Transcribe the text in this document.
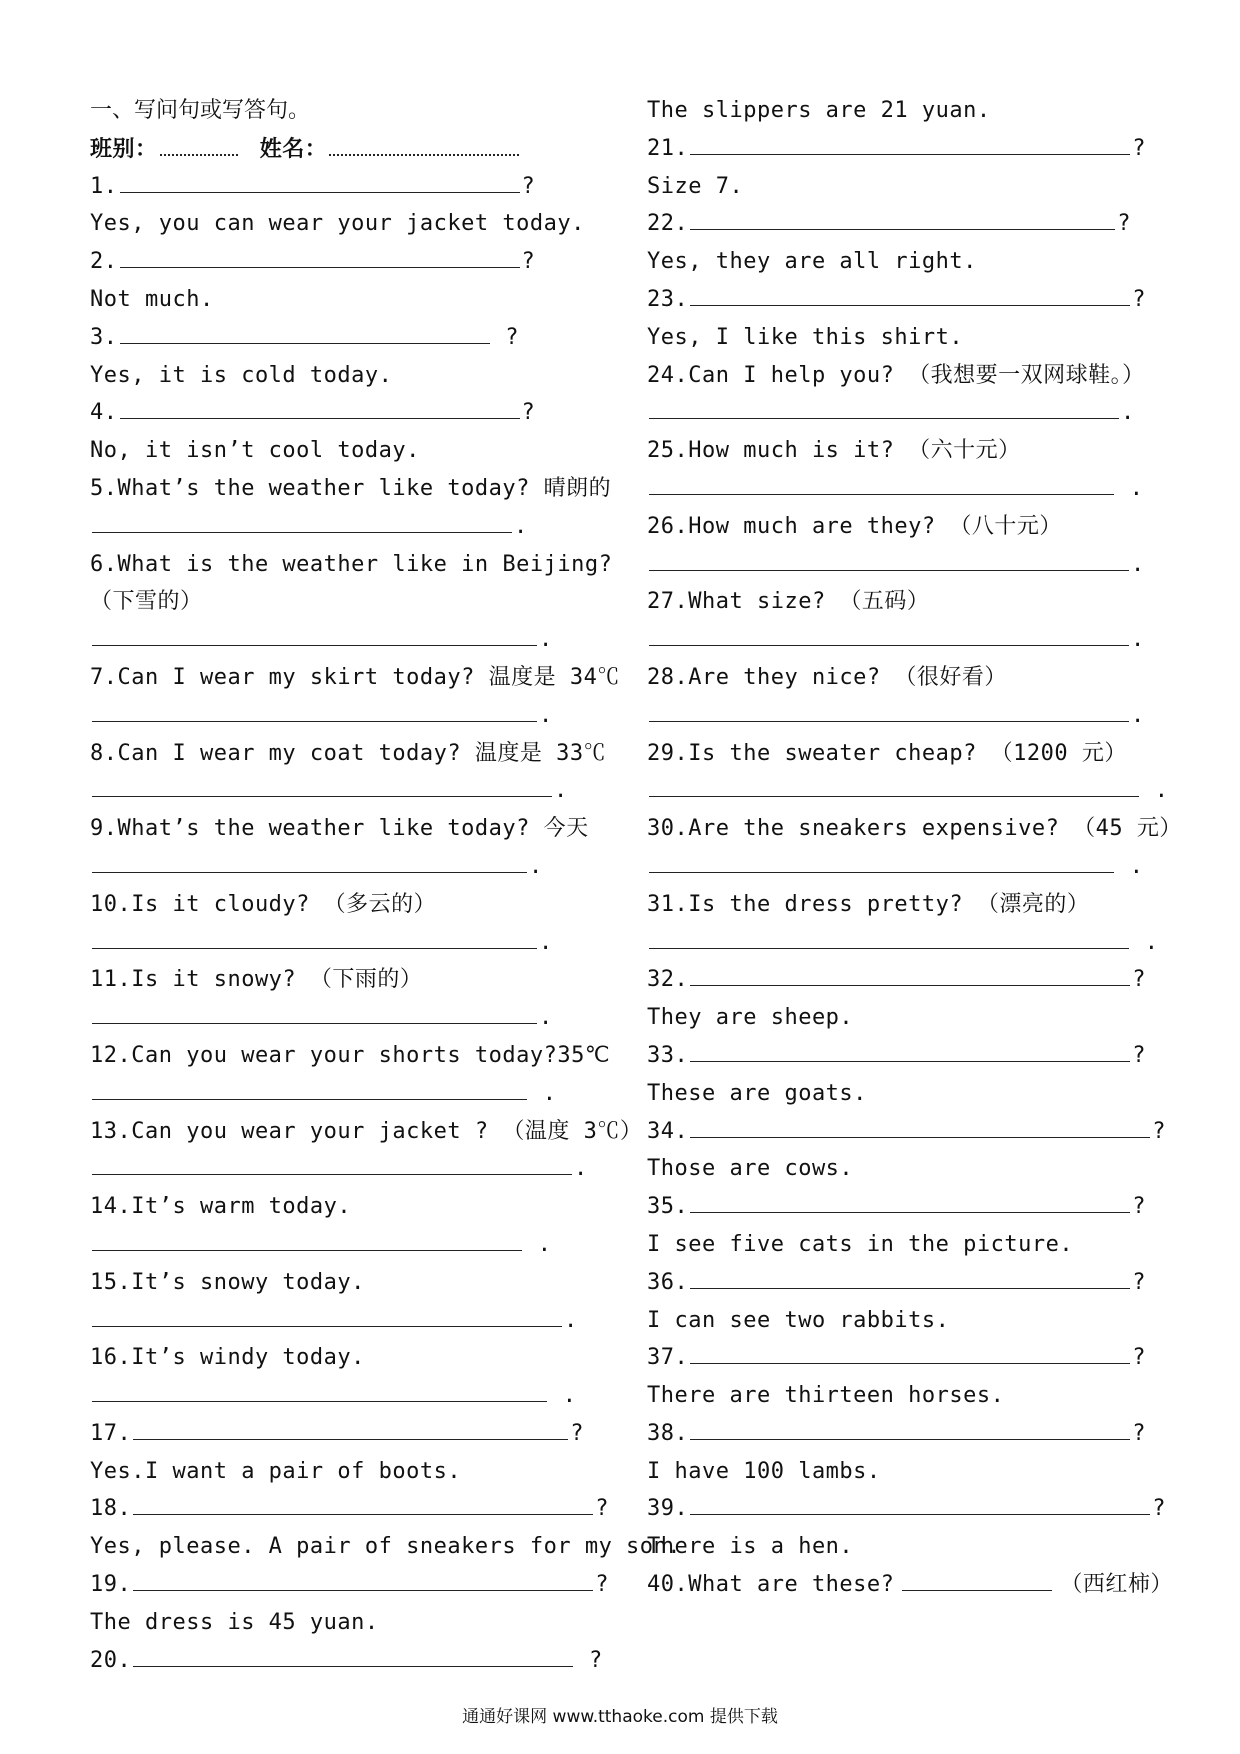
一、写问句或写答句。
班别：	姓名：
1.	?
Yes, you can wear your jacket today.
2.	?
Not much.
3.	?
Yes, it is cold today.
4.	?
No, it isn’t cool today.
5.What’s the weather like today? 晴朗的
.
6.What is the weather like in Beijing?
（下雪的）
.
7.Can I wear my skirt today? 温度是 34℃
.
8.Can I wear my coat today? 温度是 33℃
.
9.What’s the weather like today? 今天
.
10.Is it cloudy? （多云的）
.
11.Is it snowy? （下雨的）
.
12.Can you wear your shorts today?35℃
.
13.Can you wear your jacket ? （温度 3℃）
.
14.It’s warm today.
.
15.It’s snowy today.
.
16.It’s windy today.
.
17.	?
Yes.I want a pair of boots.
18.	?
Yes, please. A pair of sneakers for my son.
19.	?
The dress is 45 yuan.
20.	?
The slippers are 21 yuan.
21.	?
Size 7.
22.	?
Yes, they are all right.
23.	?
Yes, I like this shirt.
24.Can I help you? （我想要一双网球鞋。）
.
25.How much is it? （六十元）
.
26.How much are they? （八十元）
.
27.What size? （五码）
.
28.Are they nice? （很好看）
.
29.Is the sweater cheap? （1200 元）
.
30.Are the sneakers expensive? （45 元）
.
31.Is the dress pretty? （漂亮的）
.
32.	?
They are sheep.
33.	?
These are goats.
34.	?
Those are cows.
35.	?
I see five cats in the picture.
36.	?
I can see two rabbits.
37.	?
There are thirteen horses.
38.	?
I have 100 lambs.
39.	?
There is a hen.
40.What are these?	（西红柿）
通通好课网 www.tthaoke.com 提供下载
